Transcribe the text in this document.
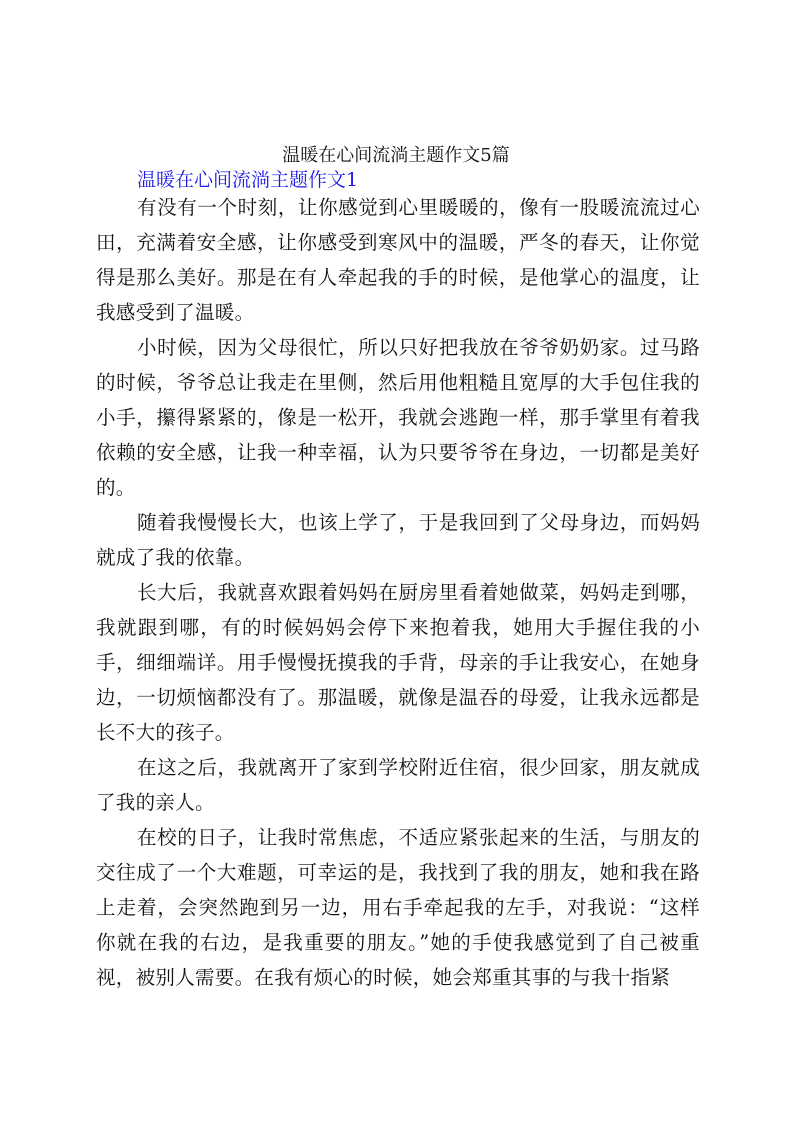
温暖在心间流淌主题作文5篇
温暖在心间流淌主题作文1
有没有一个时刻，让你感觉到心里暖暖的，像有一股暖流流过心
田，充满着安全感，让你感受到寒风中的温暖，严冬的春天，让你觉
得是那么美好。那是在有人牵起我的手的时候，是他掌心的温度，让
我感受到了温暖。
小时候，因为父母很忙，所以只好把我放在爷爷奶奶家。过马路
的时候，爷爷总让我走在里侧，然后用他粗糙且宽厚的大手包住我的
小手，攥得紧紧的，像是一松开，我就会逃跑一样，那手掌里有着我
依赖的安全感，让我一种幸福，认为只要爷爷在身边，一切都是美好
的。
随着我慢慢长大，也该上学了，于是我回到了父母身边，而妈妈
就成了我的依靠。
长大后，我就喜欢跟着妈妈在厨房里看着她做菜，妈妈走到哪，
我就跟到哪，有的时候妈妈会停下来抱着我，她用大手握住我的小
手，细细端详。用手慢慢抚摸我的手背，母亲的手让我安心，在她身
边，一切烦恼都没有了。那温暖，就像是温吞的母爱，让我永远都是
长不大的孩子。
在这之后，我就离开了家到学校附近住宿，很少回家，朋友就成
了我的亲人。
在校的日子，让我时常焦虑，不适应紧张起来的生活，与朋友的
交往成了一个大难题，可幸运的是，我找到了我的朋友，她和我在路
上走着，会突然跑到另一边，用右手牵起我的左手，对我说：“这样
你就在我的右边，是我重要的朋友。”她的手使我感觉到了自己被重
视，被别人需要。在我有烦心的时候，她会郑重其事的与我十指紧
